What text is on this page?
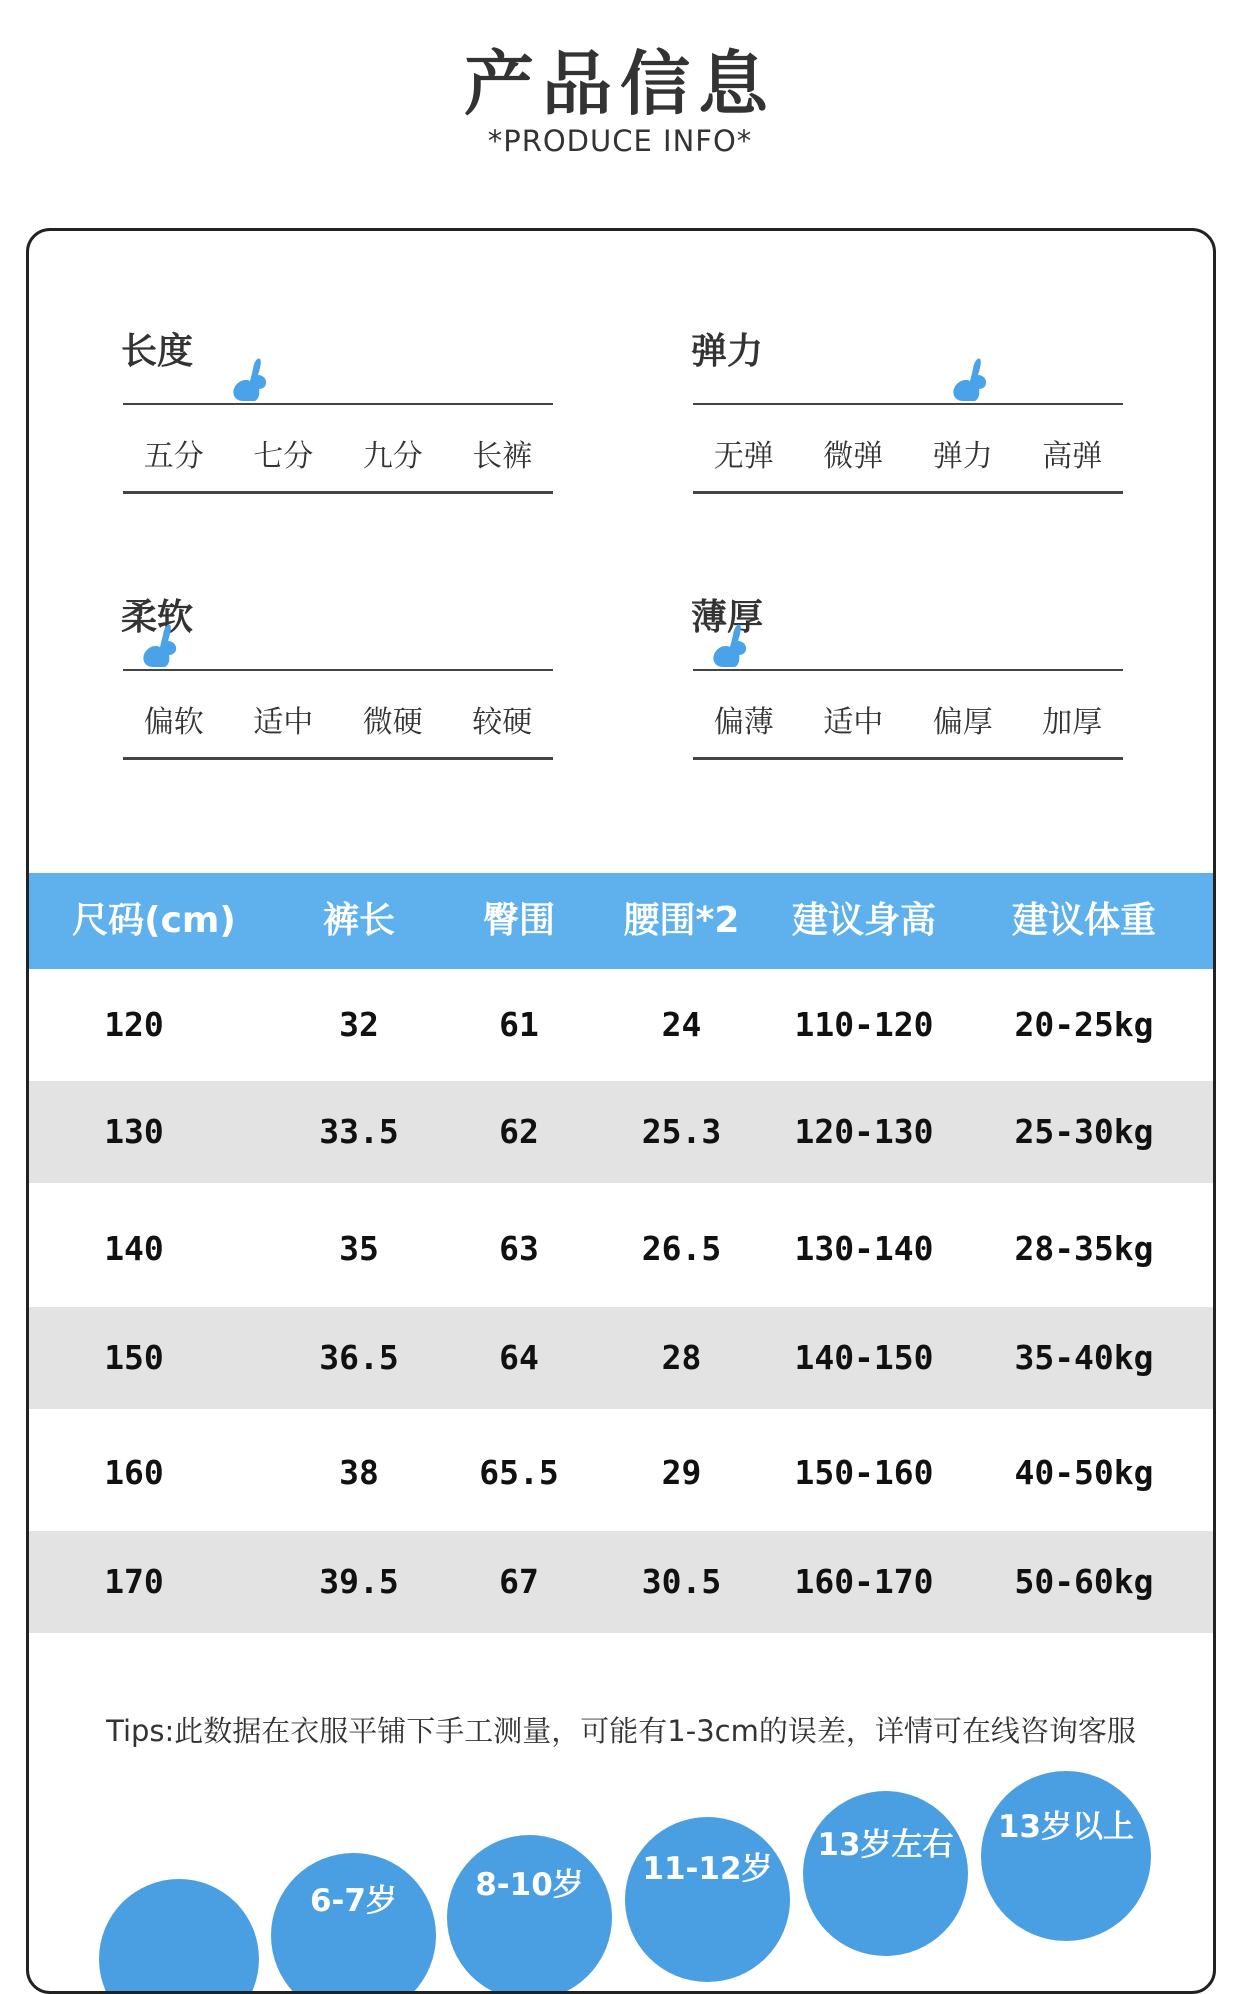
产品信息
*PRODUCE INFO*
长度
五分	七分	九分	长裤
弹力
无弹	微弹	弹力	高弹
柔软
偏软	适中	微硬	较硬
薄厚
偏薄	适中	偏厚	加厚
尺码(cm)	裤长	臀围	腰围*2	建议身高	建议体重
120	32	61	24	110-120	20-25kg
130	33.5	62	25.3	120-130	25-30kg
140	35	63	26.5	130-140	28-35kg
150	36.5	64	28	140-150	35-40kg
160	38	65.5	29	150-160	40-50kg
170	39.5	67	30.5	160-170	50-60kg
Tips:此数据在衣服平铺下手工测量，可能有1-3cm的误差，详情可在线咨询客服
6-7岁	8-10岁	11-12岁
13岁左右	13岁以上
